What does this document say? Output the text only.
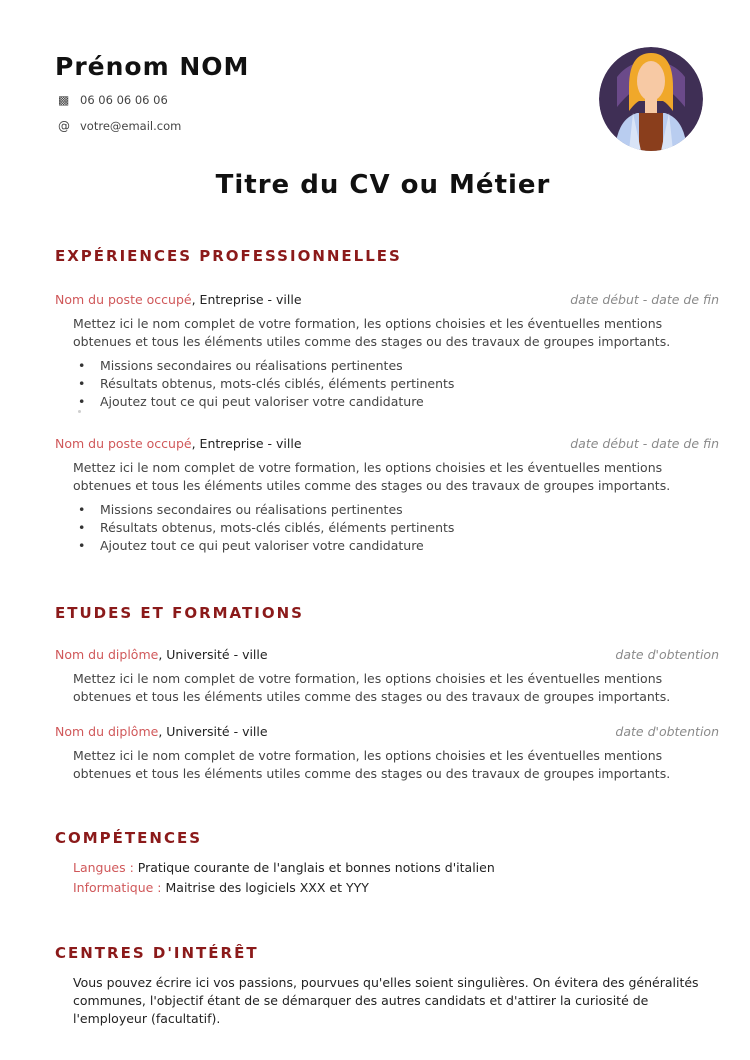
Prénom NOM
▩ 06 06 06 06 06
@ votre@email.com
Titre du CV ou Métier
EXPÉRIENCES PROFESSIONNELLES
Nom du poste occupé, Entreprise - ville	date début - date de fin
Mettez ici le nom complet de votre formation, les options choisies et les éventuelles mentions obtenues et tous les éléments utiles comme des stages ou des travaux de groupes importants.
• Missions secondaires ou réalisations pertinentes
• Résultats obtenus, mots-clés ciblés, éléments pertinents
• Ajoutez tout ce qui peut valoriser votre candidature
Nom du poste occupé, Entreprise - ville	date début - date de fin
Mettez ici le nom complet de votre formation, les options choisies et les éventuelles mentions obtenues et tous les éléments utiles comme des stages ou des travaux de groupes importants.
• Missions secondaires ou réalisations pertinentes
• Résultats obtenus, mots-clés ciblés, éléments pertinents
• Ajoutez tout ce qui peut valoriser votre candidature
ETUDES ET FORMATIONS
Nom du diplôme, Université - ville	date d'obtention
Mettez ici le nom complet de votre formation, les options choisies et les éventuelles mentions obtenues et tous les éléments utiles comme des stages ou des travaux de groupes importants.
Nom du diplôme, Université - ville	date d'obtention
Mettez ici le nom complet de votre formation, les options choisies et les éventuelles mentions obtenues et tous les éléments utiles comme des stages ou des travaux de groupes importants.
COMPÉTENCES
Langues : Pratique courante de l'anglais et bonnes notions d'italien
Informatique : Maitrise des logiciels XXX et YYY
CENTRES D'INTÉRÊT
Vous pouvez écrire ici vos passions, pourvues qu'elles soient singulières. On évitera des généralités communes, l'objectif étant de se démarquer des autres candidats et d'attirer la curiosité de l'employeur (facultatif).
